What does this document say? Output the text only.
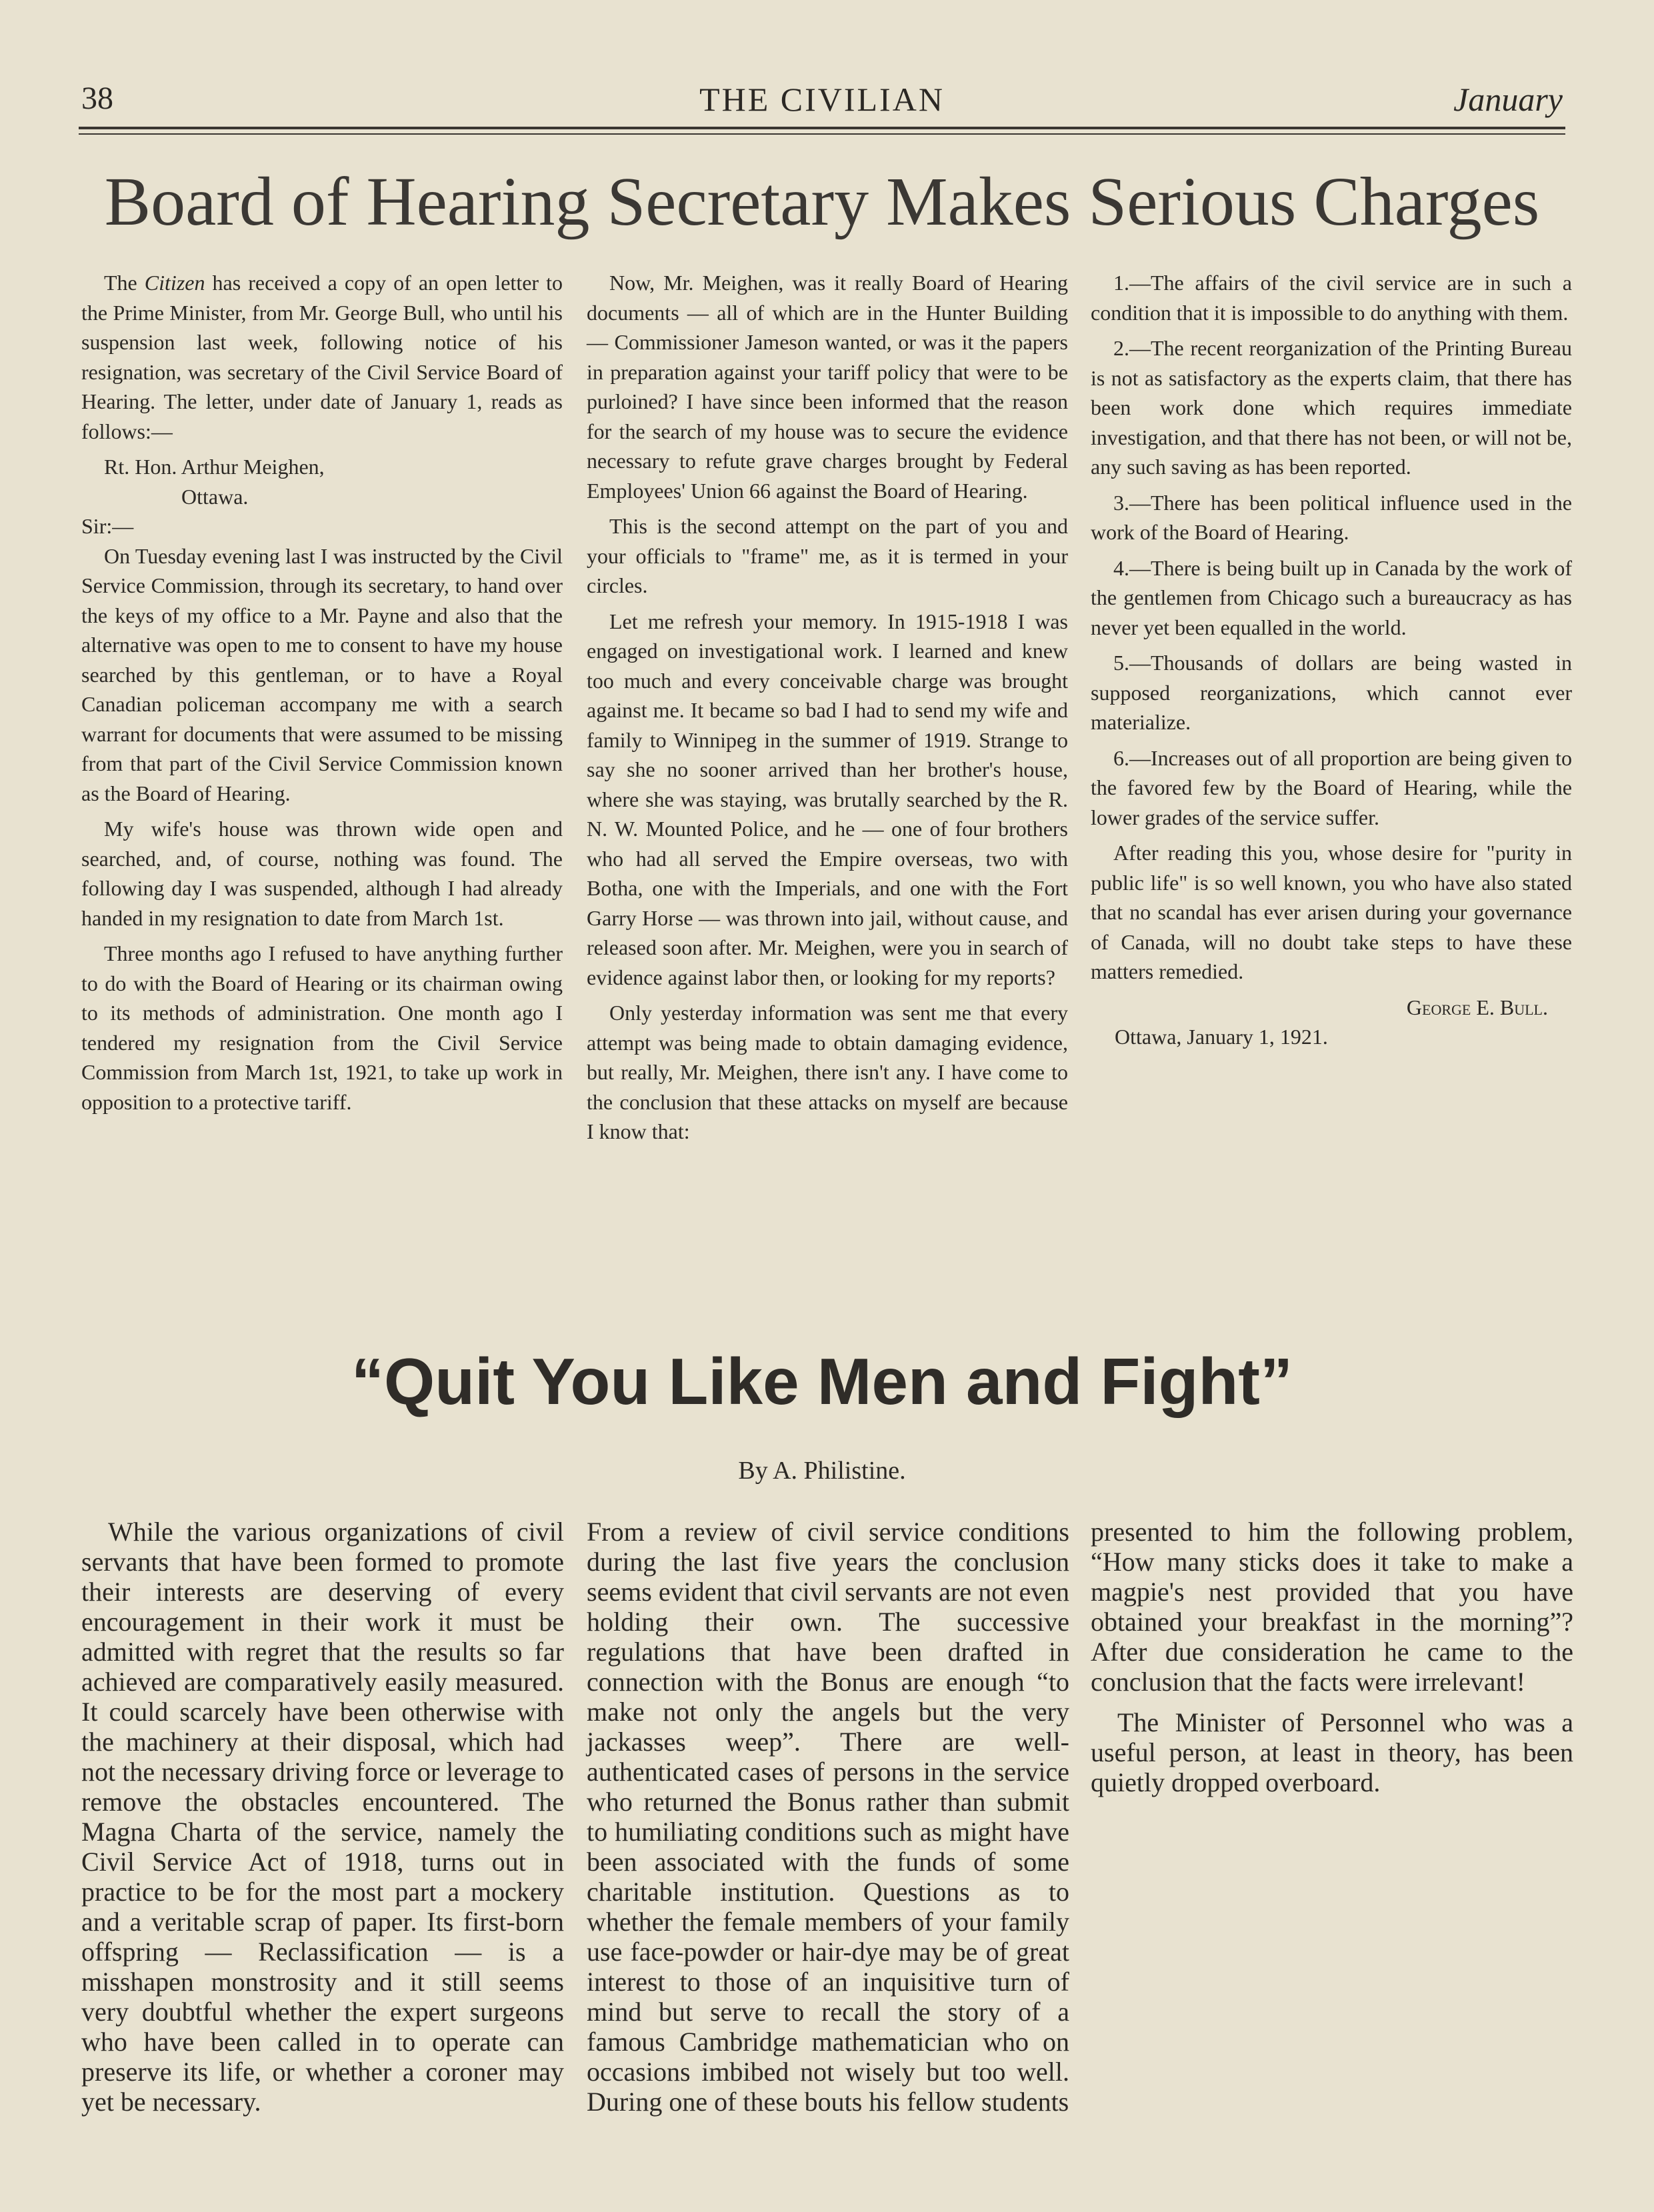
38	THE CIVILIAN	January
Board of Hearing Secretary Makes Serious Charges

The Citizen has received a copy of an open letter to the Prime Minister, from Mr. George Bull, who until his suspension last week, following notice of his resignation, was secretary of the Civil Service Board of Hearing. The letter, under date of January 1, reads as follows:—

Rt. Hon. Arthur Meighen,

Ottawa.

Sir:—

On Tuesday evening last I was instructed by the Civil Service Commission, through its secretary, to hand over the keys of my office to a Mr. Payne and also that the alternative was open to me to consent to have my house searched by this gentleman, or to have a Royal Canadian policeman accompany me with a search warrant for documents that were assumed to be missing from that part of the Civil Service Commission known as the Board of Hearing.

My wife's house was thrown wide open and searched, and, of course, nothing was found. The following day I was suspended, although I had already handed in my resignation to date from March 1st.

Three months ago I refused to have anything further to do with the Board of Hearing or its chairman owing to its methods of administration. One month ago I tendered my resignation from the Civil Service Commission from March 1st, 1921, to take up work in opposition to a protective tariff.

Now, Mr. Meighen, was it really Board of Hearing documents — all of which are in the Hunter Building — Commissioner Jameson wanted, or was it the papers in preparation against your tariff policy that were to be purloined? I have since been informed that the reason for the search of my house was to secure the evidence necessary to refute grave charges brought by Federal Employees' Union 66 against the Board of Hearing.

This is the second attempt on the part of you and your officials to "frame" me, as it is termed in your circles.

Let me refresh your memory. In 1915-1918 I was engaged on investigational work. I learned and knew too much and every conceivable charge was brought against me. It became so bad I had to send my wife and family to Winnipeg in the summer of 1919. Strange to say she no sooner arrived than her brother's house, where she was staying, was brutally searched by the R. N. W. Mounted Police, and he — one of four brothers who had all served the Empire overseas, two with Botha, one with the Imperials, and one with the Fort Garry Horse — was thrown into jail, without cause, and released soon after. Mr. Meighen, were you in search of evidence against labor then, or looking for my reports?

Only yesterday information was sent me that every attempt was being made to obtain damaging evidence, but really, Mr. Meighen, there isn't any. I have come to the conclusion that these attacks on myself are because I know that:

1.—The affairs of the civil service are in such a condition that it is impossible to do anything with them.

2.—The recent reorganization of the Printing Bureau is not as satisfactory as the experts claim, that there has been work done which requires immediate investigation, and that there has not been, or will not be, any such saving as has been reported.

3.—There has been political influence used in the work of the Board of Hearing.

4.—There is being built up in Canada by the work of the gentlemen from Chicago such a bureaucracy as has never yet been equalled in the world.

5.—Thousands of dollars are being wasted in supposed reorganizations, which cannot ever materialize.

6.—Increases out of all proportion are being given to the favored few by the Board of Hearing, while the lower grades of the service suffer.

After reading this you, whose desire for "purity in public life" is so well known, you who have also stated that no scandal has ever arisen during your governance of Canada, will no doubt take steps to have these matters remedied.

George E. Bull.

Ottawa, January 1, 1921.

“Quit You Like Men and Fight”
By A. Philistine.

While the various organizations of civil servants that have been formed to promote their interests are deserving of every encouragement in their work it must be admitted with regret that the results so far achieved are comparatively easily measured. It could scarcely have been otherwise with the machinery at their disposal, which had not the necessary driving force or leverage to remove the obstacles encountered. The Magna Charta of the service, namely the Civil Service Act of 1918, turns out in practice to be for the most part a mockery and a veritable scrap of paper. Its first-born offspring — Reclassification — is a misshapen monstrosity and it still seems very doubtful whether the expert surgeons who have been called in to operate can preserve its life, or whether a coroner may yet be necessary.

From a review of civil service conditions during the last five years the conclusion seems evident that civil servants are not even holding their own. The successive regulations that have been drafted in connection with the Bonus are enough “to make not only the angels but the very jackasses weep”. There are well-authenticated cases of persons in the service who returned the Bonus rather than submit to humiliating conditions such as might have been associated with the funds of some charitable institution. Questions as to whether the female members of your family use face-powder or hair-dye may be of great interest to those of an inquisitive turn of mind but serve to recall the story of a famous Cambridge mathematician who on occasions imbibed not wisely but too well. During one of these bouts his fellow students

presented to him the following problem, “How many sticks does it take to make a magpie's nest provided that you have obtained your breakfast in the morning”? After due consideration he came to the conclusion that the facts were irrelevant!

The Minister of Personnel who was a useful person, at least in theory, has been quietly dropped overboard.
